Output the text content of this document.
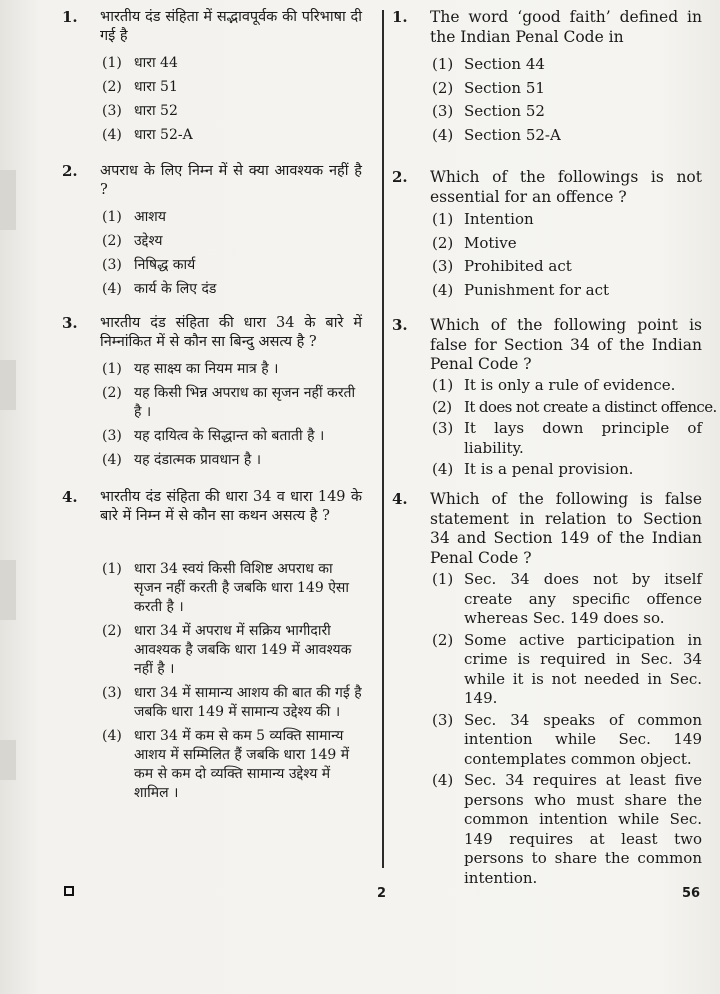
1. भारतीय दंड संहिता में सद्भावपूर्वक की परिभाषा दी गई है
(1) धारा 44
(2) धारा 51
(3) धारा 52
(4) धारा 52-A
2. अपराध के लिए निम्न में से क्या आवश्यक नहीं है ?
(1) आशय
(2) उद्देश्य
(3) निषिद्ध कार्य
(4) कार्य के लिए दंड
3. भारतीय दंड संहिता की धारा 34 के बारे में निम्नांकित में से कौन सा बिन्दु असत्य है ?
(1) यह साक्ष्य का नियम मात्र है ।
(2) यह किसी भिन्न अपराध का सृजन नहीं करती है ।
(3) यह दायित्व के सिद्धान्त को बताती है ।
(4) यह दंडात्मक प्रावधान है ।
4. भारतीय दंड संहिता की धारा 34 व धारा 149 के बारे में निम्न में से कौन सा कथन असत्य है ?
(1) धारा 34 स्वयं किसी विशिष्ट अपराध का सृजन नहीं करती है जबकि धारा 149 ऐसा करती है ।
(2) धारा 34 में अपराध में सक्रिय भागीदारी आवश्यक है जबकि धारा 149 में आवश्यक नहीं है ।
(3) धारा 34 में सामान्य आशय की बात की गई है जबकि धारा 149 में सामान्य उद्देश्य की ।
(4) धारा 34 में कम से कम 5 व्यक्ति सामान्य आशय में सम्मिलित हैं जबकि धारा 149 में कम से कम दो व्यक्ति सामान्य उद्देश्य में शामिल ।
1. The word ‘good faith’ defined in the Indian Penal Code in
(1) Section 44
(2) Section 51
(3) Section 52
(4) Section 52-A
2. Which of the followings is not essential for an offence ?
(1) Intention
(2) Motive
(3) Prohibited act
(4) Punishment for act
3. Which of the following point is false for Section 34 of the Indian Penal Code ?
(1) It is only a rule of evidence.
(2) It does not create a distinct offence.
(3) It lays down principle of liability.
(4) It is a penal provision.
4. Which of the following is false statement in relation to Section 34 and Section 149 of the Indian Penal Code ?
(1) Sec. 34 does not by itself create any specific offence whereas Sec. 149 does so.
(2) Some active participation in crime is required in Sec. 34 while it is not needed in Sec. 149.
(3) Sec. 34 speaks of common intention while Sec. 149 contemplates common object.
(4) Sec. 34 requires at least five persons who must share the common intention while Sec. 149 requires at least two persons to share the common intention.
2	56
